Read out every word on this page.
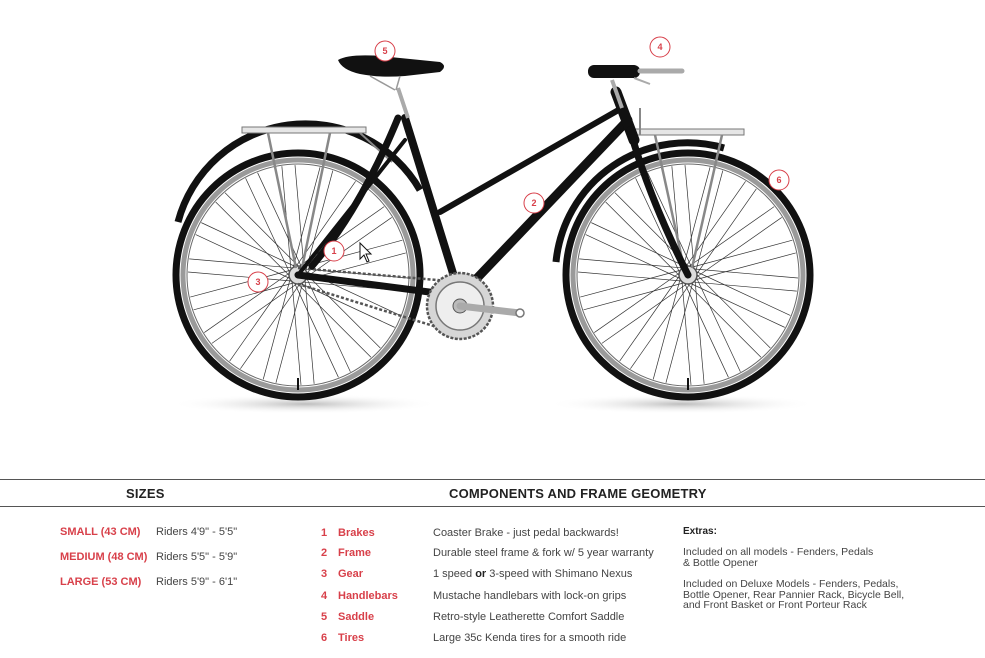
1
2
3
4
5
6
SIZES	COMPONENTS AND FRAME GEOMETRY
SMALL (43 CM) Riders 4'9" - 5'5"
MEDIUM (48 CM) Riders 5'5" - 5'9"
LARGE (53 CM) Riders 5'9" - 6'1"
1 Brakes	Coaster Brake - just pedal backwards!
2 Frame	Durable steel frame & fork w/ 5 year warranty
3 Gear	1 speed or 3-speed with Shimano Nexus
4 Handlebars	Mustache handlebars with lock-on grips
5 Saddle	Retro-style Leatherette Comfort Saddle
6 Tires	Large 35c Kenda tires for a smooth ride
Extras:
Included on all models - Fenders, Pedals & Bottle Opener
Included on Deluxe Models - Fenders, Pedals, Bottle Opener, Rear Pannier Rack, Bicycle Bell, and Front Basket or Front Porteur Rack
